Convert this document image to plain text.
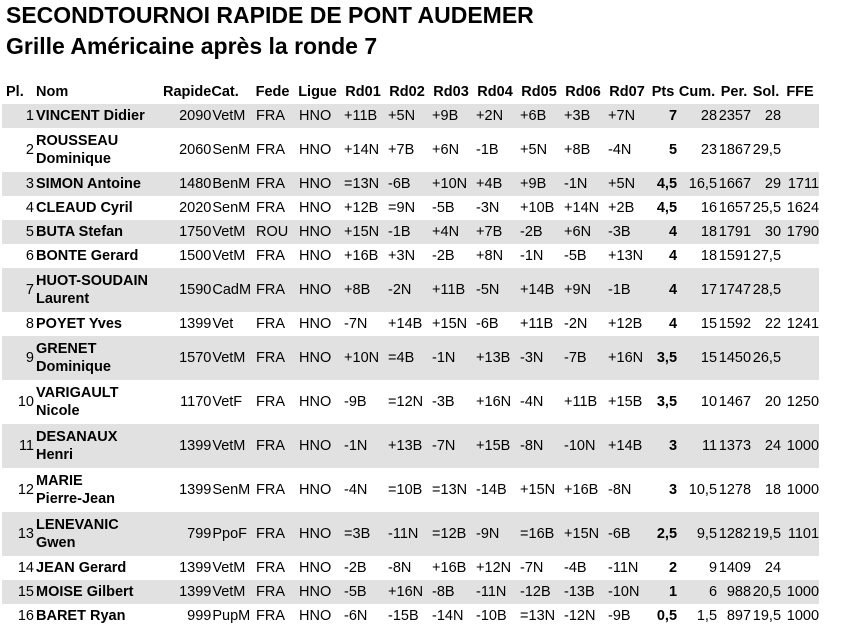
SECONDTOURNOI RAPIDE DE PONT AUDEMER
Grille Américaine après la ronde 7
Pl.	Nom	Rapide	Cat.	Fede	Ligue	Rd01	Rd02	Rd03	Rd04	Rd05	Rd06	Rd07	Pts	Cum.	Per.	Sol.	FFE
1	VINCENT Didier	2090	VetM	FRA	HNO	+11B	+5N	+9B	+2N	+6B	+3B	+7N	7	28	2357	28	
2	ROUSSEAU
Dominique	2060	SenM	FRA	HNO	+14N	+7B	+6N	-1B	+5N	+8B	-4N	5	23	1867	29,5	
3	SIMON Antoine	1480	BenM	FRA	HNO	=13N	-6B	+10N	+4B	+9B	-1N	+5N	4,5	16,5	1667	29	1711
4	CLEAUD Cyril	2020	SenM	FRA	HNO	+12B	=9N	-5B	-3N	+10B	+14N	+2B	4,5	16	1657	25,5	1624
5	BUTA Stefan	1750	VetM	ROU	HNO	+15N	-1B	+4N	+7B	-2B	+6N	-3B	4	18	1791	30	1790
6	BONTE Gerard	1500	VetM	FRA	HNO	+16B	+3N	-2B	+8N	-1N	-5B	+13N	4	18	1591	27,5	
7	HUOT-SOUDAIN
Laurent	1590	CadM	FRA	HNO	+8B	-2N	+11B	-5N	+14B	+9N	-1B	4	17	1747	28,5	
8	POYET Yves	1399	Vet	FRA	HNO	-7N	+14B	+15N	-6B	+11B	-2N	+12B	4	15	1592	22	1241
9	GRENET
Dominique	1570	VetM	FRA	HNO	+10N	=4B	-1N	+13B	-3N	-7B	+16N	3,5	15	1450	26,5	
10	VARIGAULT
Nicole	1170	VetF	FRA	HNO	-9B	=12N	-3B	+16N	-4N	+11B	+15B	3,5	10	1467	20	1250
11	DESANAUX
Henri	1399	VetM	FRA	HNO	-1N	+13B	-7N	+15B	-8N	-10N	+14B	3	11	1373	24	1000
12	MARIE
Pierre-Jean	1399	SenM	FRA	HNO	-4N	=10B	=13N	-14B	+15N	+16B	-8N	3	10,5	1278	18	1000
13	LENEVANIC
Gwen	799	PpoF	FRA	HNO	=3B	-11N	=12B	-9N	=16B	+15N	-6B	2,5	9,5	1282	19,5	1101
14	JEAN Gerard	1399	VetM	FRA	HNO	-2B	-8N	+16B	+12N	-7N	-4B	-11N	2	9	1409	24	
15	MOISE Gilbert	1399	VetM	FRA	HNO	-5B	+16N	-8B	-11N	-12B	-13B	-10N	1	6	988	20,5	1000
16	BARET Ryan	999	PupM	FRA	HNO	-6N	-15B	-14N	-10B	=13N	-12N	-9B	0,5	1,5	897	19,5	1000
